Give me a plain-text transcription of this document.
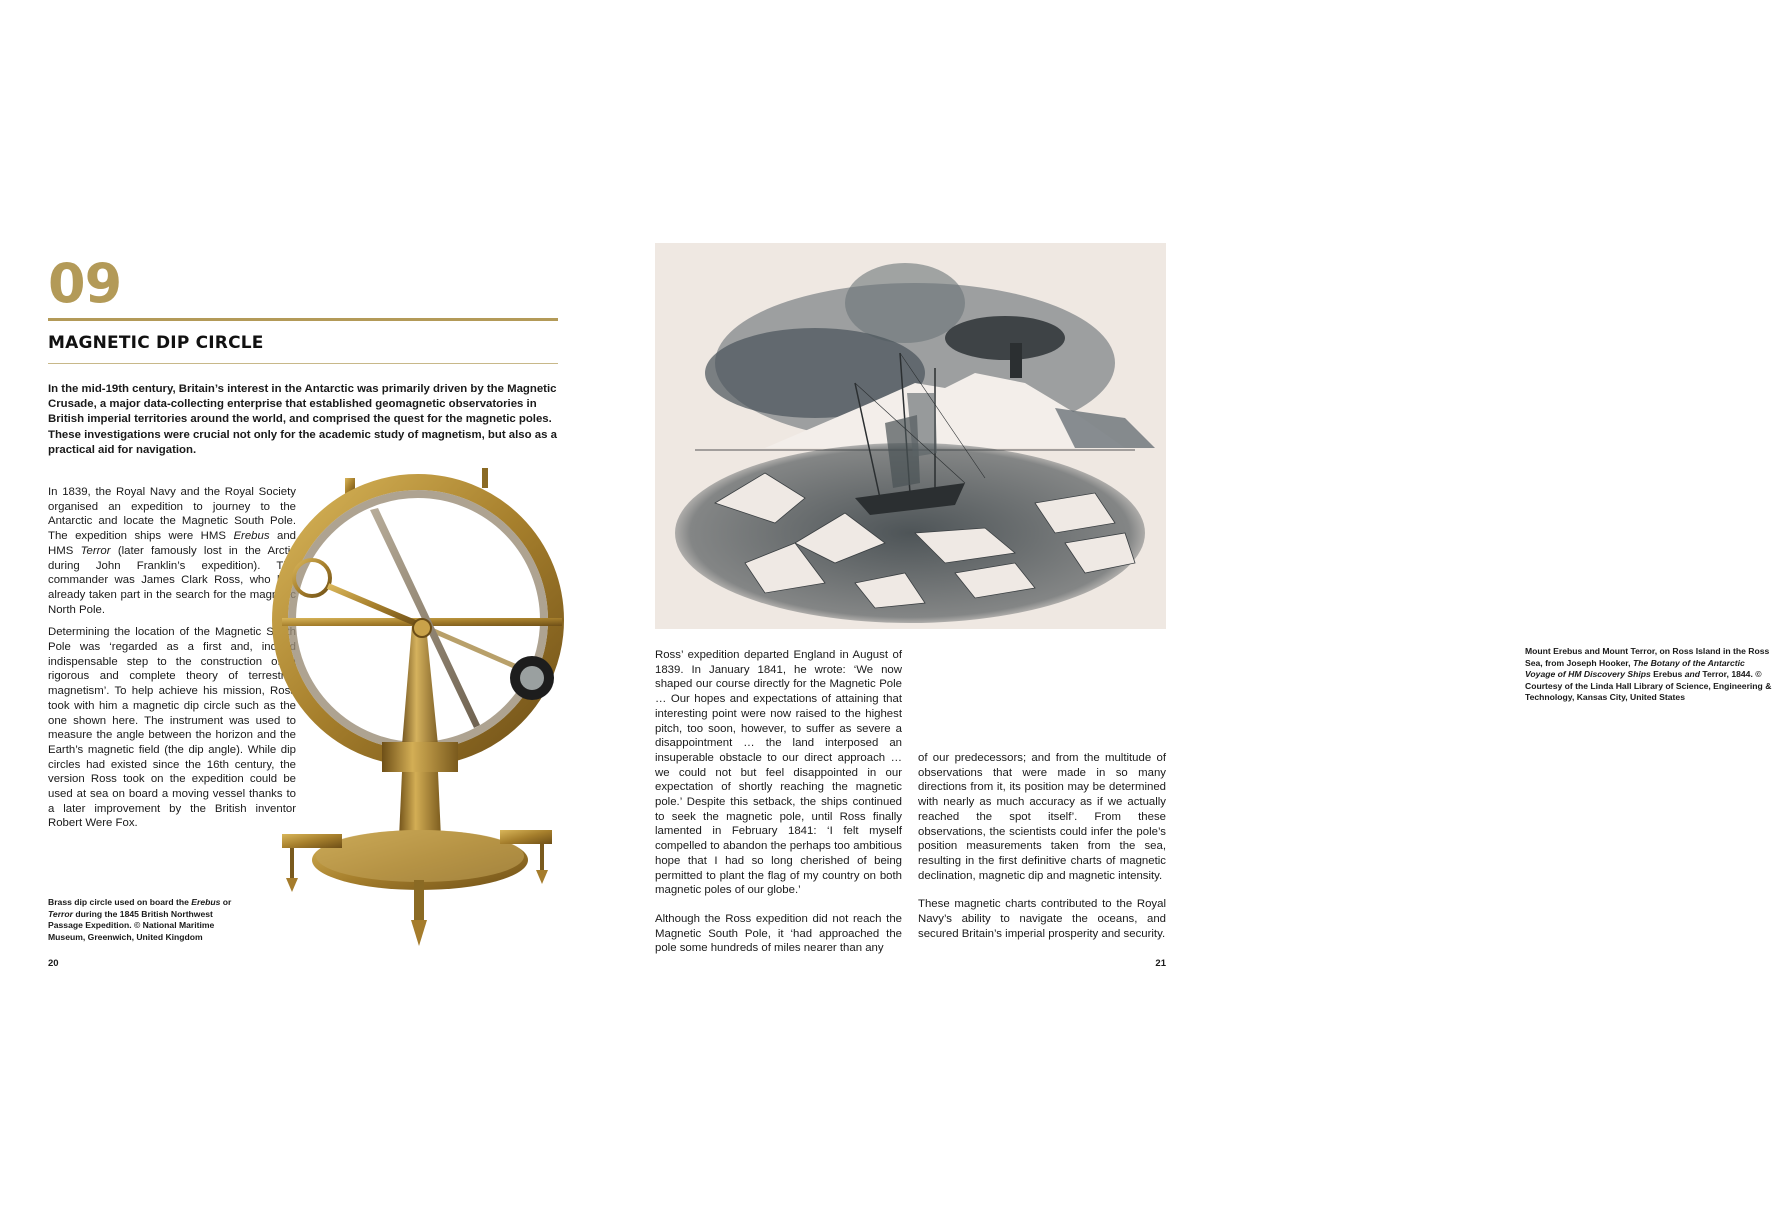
09
MAGNETIC DIP CIRCLE

In the mid-19th century, Britain’s interest in the Antarctic was primarily driven by the Magnetic Crusade, a major data-collecting enterprise that established geomagnetic observatories in British imperial territories around the world, and comprised the quest for the magnetic poles. These investigations were crucial not only for the academic study of magnetism, but also as a practical aid for navigation.

In 1839, the Royal Navy and the Royal Society organised an expedition to journey to the Antarctic and locate the Magnetic South Pole. The expedition ships were HMS Erebus and HMS Terror (later famously lost in the Arctic during John Franklin’s expedition). The commander was James Clark Ross, who had already taken part in the search for the magnetic North Pole.

Determining the location of the Magnetic South Pole was ‘regarded as a first and, indeed indispensable step to the construction of a rigorous and complete theory of terrestrial magnetism’. To help achieve his mission, Ross took with him a magnetic dip circle such as the one shown here. The instrument was used to measure the angle between the horizon and the Earth’s magnetic field (the dip angle). While dip circles had existed since the 16th century, the version Ross took on the expedition could be used at sea on board a moving vessel thanks to a later improvement by the British inventor Robert Were Fox.

Brass dip circle used on board the Erebus or Terror during the 1845 British Northwest Passage Expedition. © National Maritime Museum, Greenwich, United Kingdom

20

Mount Erebus and Mount Terror, on Ross Island in the Ross Sea, from Joseph Hooker, The Botany of the Antarctic Voyage of HM Discovery Ships Erebus and Terror, 1844. © Courtesy of the Linda Hall Library of Science, Engineering & Technology, Kansas City, United States

Ross’ expedition departed England in August of 1839. In January 1841, he wrote: ‘We now shaped our course directly for the Magnetic Pole … Our hopes and expectations of attaining that interesting point were now raised to the highest pitch, too soon, however, to suffer as severe a disappointment … the land interposed an insuperable obstacle to our direct approach … we could not but feel disappointed in our expectation of shortly reaching the magnetic pole.’ Despite this setback, the ships continued to seek the magnetic pole, until Ross finally lamented in February 1841: ‘I felt myself compelled to abandon the perhaps too ambitious hope that I had so long cherished of being permitted to plant the flag of my country on both magnetic poles of our globe.’

Although the Ross expedition did not reach the Magnetic South Pole, it ‘had approached the pole some hundreds of miles nearer than any

of our predecessors; and from the multitude of observations that were made in so many directions from it, its position may be determined with nearly as much accuracy as if we actually reached the spot itself’. From these observations, the scientists could infer the pole’s position measurements taken from the sea, resulting in the first definitive charts of magnetic declination, magnetic dip and magnetic intensity.

These magnetic charts contributed to the Royal Navy’s ability to navigate the oceans, and secured Britain’s imperial prosperity and security.

21
